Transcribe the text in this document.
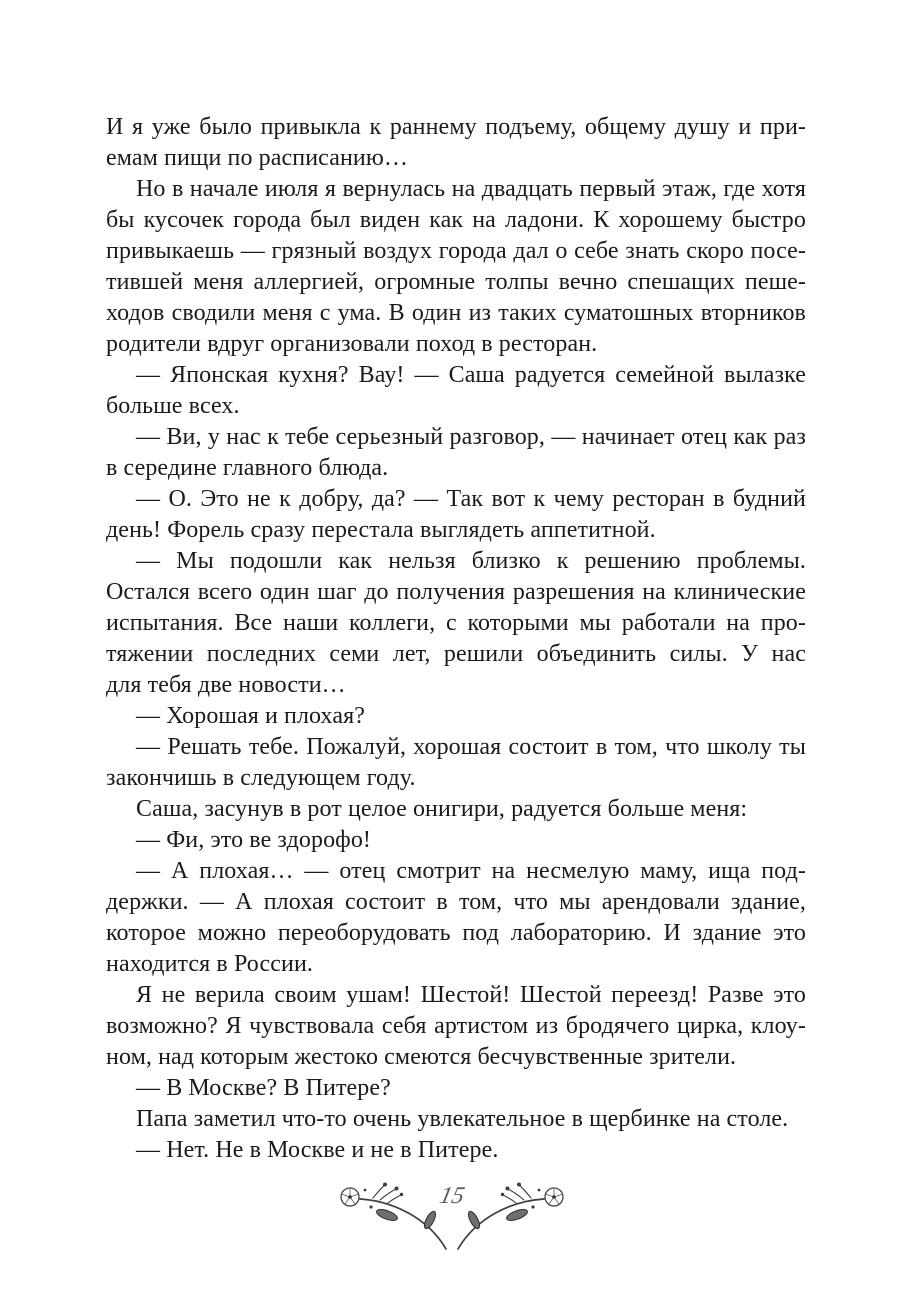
И я уже было привыкла к раннему подъему, общему душу и при-
емам пищи по расписанию…
Но в начале июля я вернулась на двадцать первый этаж, где хотя
бы кусочек города был виден как на ладони. К хорошему быстро
привыкаешь — грязный воздух города дал о себе знать скоро посе-
тившей меня аллергией, огромные толпы вечно спешащих пеше-
ходов сводили меня с ума. В один из таких суматошных вторников
родители вдруг организовали поход в ресторан.
— Японская кухня? Вау! — Саша радуется семейной вылазке
больше всех.
— Ви, у нас к тебе серьезный разговор, — начинает отец как раз
в середине главного блюда.
— О. Это не к добру, да? — Так вот к чему ресторан в будний
день! Форель сразу перестала выглядеть аппетитной.
— Мы подошли как нельзя близко к решению проблемы.
Остался всего один шаг до получения разрешения на клинические
испытания. Все наши коллеги, с которыми мы работали на про-
тяжении последних семи лет, решили объединить силы. У нас
для тебя две новости…
— Хорошая и плохая?
— Решать тебе. Пожалуй, хорошая состоит в том, что школу ты
закончишь в следующем году.
Саша, засунув в рот целое онигири, радуется больше меня:
— Фи, это ве здорофо!
— А плохая… — отец смотрит на несмелую маму, ища под-
держки. — А плохая состоит в том, что мы арендовали здание,
которое можно переоборудовать под лабораторию. И здание это
находится в России.
Я не верила своим ушам! Шестой! Шестой переезд! Разве это
возможно? Я чувствовала себя артистом из бродячего цирка, клоу-
ном, над которым жестоко смеются бесчувственные зрители.
— В Москве? В Питере?
Папа заметил что-то очень увлекательное в щербинке на столе.
— Нет. Не в Москве и не в Питере.
15
